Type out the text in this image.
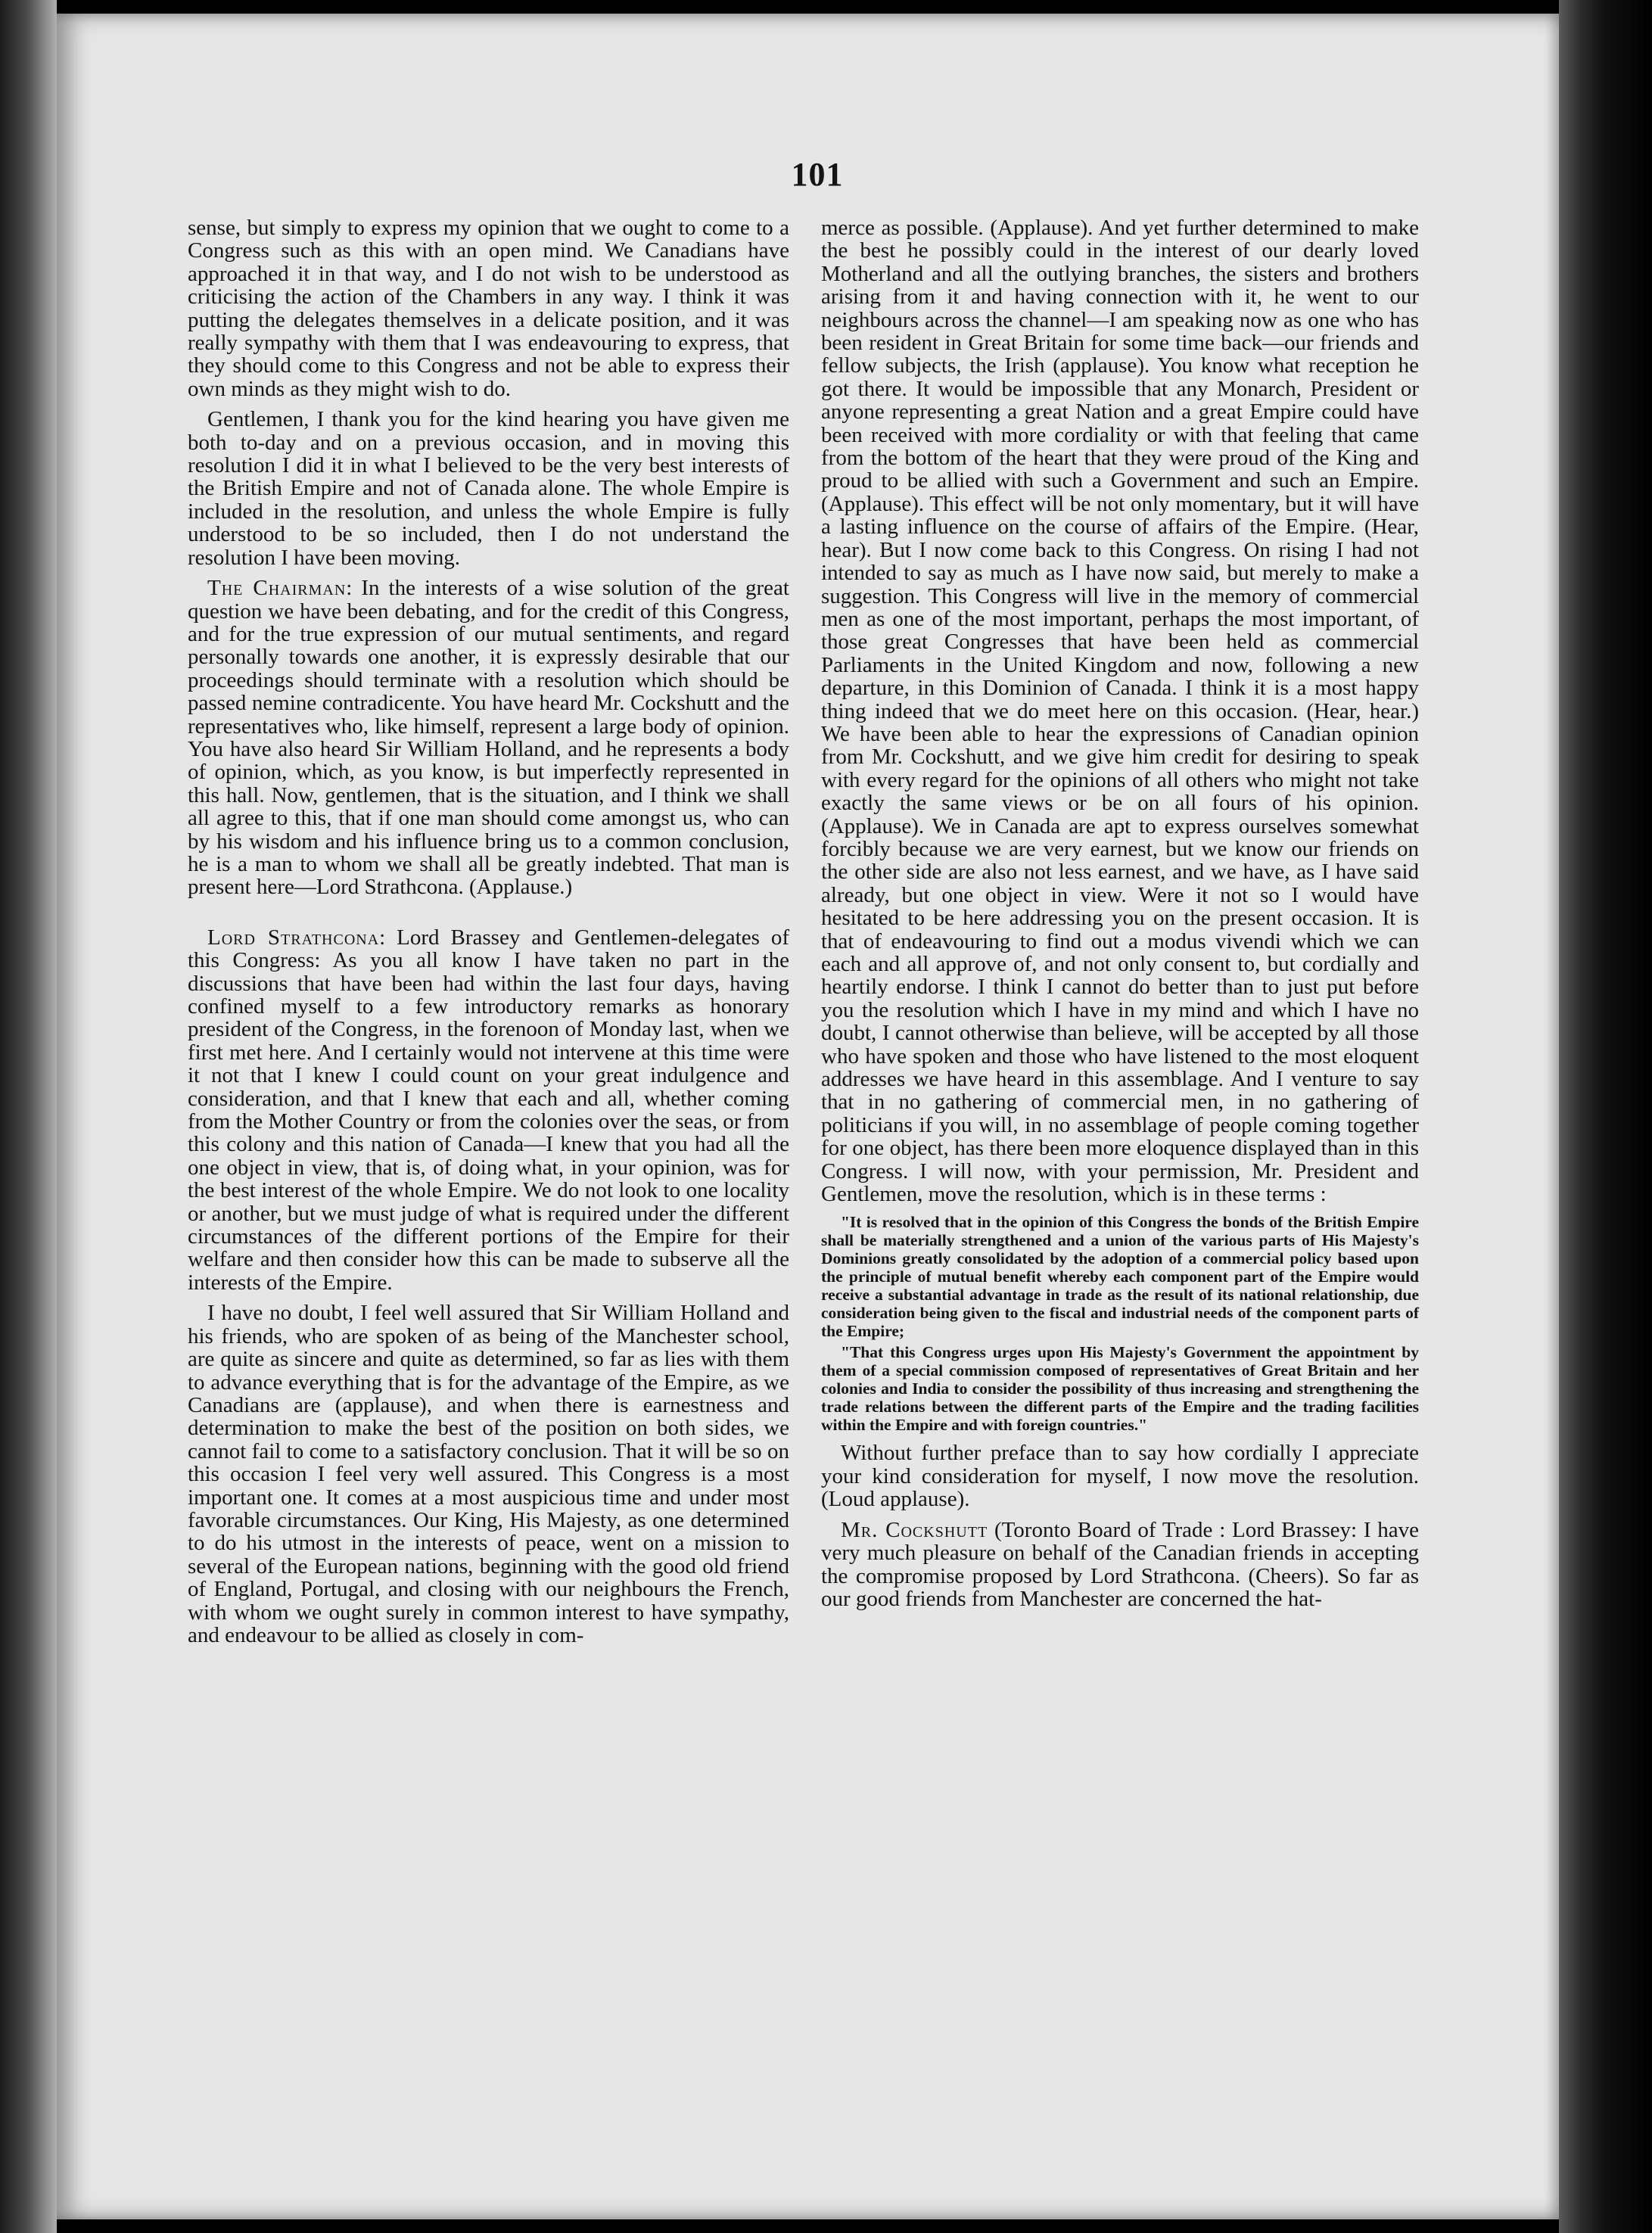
101

sense, but simply to express my opinion that we ought to come to a Congress such as this with an open mind. We Canadians have approached it in that way, and I do not wish to be understood as criticising the action of the Chambers in any way. I think it was putting the delegates themselves in a delicate position, and it was really sympathy with them that I was endeavouring to express, that they should come to this Congress and not be able to express their own minds as they might wish to do.

Gentlemen, I thank you for the kind hearing you have given me both to-day and on a previous occasion, and in moving this resolution I did it in what I believed to be the very best interests of the British Empire and not of Canada alone. The whole Empire is included in the resolution, and unless the whole Empire is fully understood to be so included, then I do not understand the resolution I have been moving.

The Chairman: In the interests of a wise solution of the great question we have been debating, and for the credit of this Congress, and for the true expression of our mutual sentiments, and regard personally towards one another, it is expressly desirable that our proceedings should terminate with a resolution which should be passed nemine contradicente. You have heard Mr. Cockshutt and the representatives who, like himself, represent a large body of opinion. You have also heard Sir William Holland, and he represents a body of opinion, which, as you know, is but imperfectly represented in this hall. Now, gentlemen, that is the situation, and I think we shall all agree to this, that if one man should come amongst us, who can by his wisdom and his influence bring us to a common conclusion, he is a man to whom we shall all be greatly indebted. That man is present here—Lord Strathcona. (Applause.)

Lord Strathcona: Lord Brassey and Gentlemen-delegates of this Congress: As you all know I have taken no part in the discussions that have been had within the last four days, having confined myself to a few introductory remarks as honorary president of the Congress, in the forenoon of Monday last, when we first met here. And I certainly would not intervene at this time were it not that I knew I could count on your great indulgence and consideration, and that I knew that each and all, whether coming from the Mother Country or from the colonies over the seas, or from this colony and this nation of Canada—I knew that you had all the one object in view, that is, of doing what, in your opinion, was for the best interest of the whole Empire. We do not look to one locality or another, but we must judge of what is required under the different circumstances of the different portions of the Empire for their welfare and then consider how this can be made to subserve all the interests of the Empire.

I have no doubt, I feel well assured that Sir William Holland and his friends, who are spoken of as being of the Manchester school, are quite as sincere and quite as determined, so far as lies with them to advance everything that is for the advantage of the Empire, as we Canadians are (applause), and when there is earnestness and determination to make the best of the position on both sides, we cannot fail to come to a satisfactory conclusion. That it will be so on this occasion I feel very well assured. This Congress is a most important one. It comes at a most auspicious time and under most favorable circumstances. Our King, His Majesty, as one determined to do his utmost in the interests of peace, went on a mission to several of the European nations, beginning with the good old friend of England, Portugal, and closing with our neighbours the French, with whom we ought surely in common interest to have sympathy, and endeavour to be allied as closely in com-

merce as possible. (Applause). And yet further determined to make the best he possibly could in the interest of our dearly loved Motherland and all the outlying branches, the sisters and brothers arising from it and having connection with it, he went to our neighbours across the channel—I am speaking now as one who has been resident in Great Britain for some time back—our friends and fellow subjects, the Irish (applause). You know what reception he got there. It would be impossible that any Monarch, President or anyone representing a great Nation and a great Empire could have been received with more cordiality or with that feeling that came from the bottom of the heart that they were proud of the King and proud to be allied with such a Government and such an Empire. (Applause). This effect will be not only momentary, but it will have a lasting influence on the course of affairs of the Empire. (Hear, hear). But I now come back to this Congress. On rising I had not intended to say as much as I have now said, but merely to make a suggestion. This Congress will live in the memory of commercial men as one of the most important, perhaps the most important, of those great Congresses that have been held as commercial Parliaments in the United Kingdom and now, following a new departure, in this Dominion of Canada. I think it is a most happy thing indeed that we do meet here on this occasion. (Hear, hear.) We have been able to hear the expressions of Canadian opinion from Mr. Cockshutt, and we give him credit for desiring to speak with every regard for the opinions of all others who might not take exactly the same views or be on all fours of his opinion. (Applause). We in Canada are apt to express ourselves somewhat forcibly because we are very earnest, but we know our friends on the other side are also not less earnest, and we have, as I have said already, but one object in view. Were it not so I would have hesitated to be here addressing you on the present occasion. It is that of endeavouring to find out a modus vivendi which we can each and all approve of, and not only consent to, but cordially and heartily endorse. I think I cannot do better than to just put before you the resolution which I have in my mind and which I have no doubt, I cannot otherwise than believe, will be accepted by all those who have spoken and those who have listened to the most eloquent addresses we have heard in this assemblage. And I venture to say that in no gathering of commercial men, in no gathering of politicians if you will, in no assemblage of people coming together for one object, has there been more eloquence displayed than in this Congress. I will now, with your permission, Mr. President and Gentlemen, move the resolution, which is in these terms :

"It is resolved that in the opinion of this Congress the bonds of the British Empire shall be materially strengthened and a union of the various parts of His Majesty's Dominions greatly consolidated by the adoption of a commercial policy based upon the principle of mutual benefit whereby each component part of the Empire would receive a substantial advantage in trade as the result of its national relationship, due consideration being given to the fiscal and industrial needs of the component parts of the Empire;

"That this Congress urges upon His Majesty's Government the appointment by them of a special commission composed of representatives of Great Britain and her colonies and India to consider the possibility of thus increasing and strengthening the trade relations between the different parts of the Empire and the trading facilities within the Empire and with foreign countries."

Without further preface than to say how cordially I appreciate your kind consideration for myself, I now move the resolution. (Loud applause).

Mr. Cockshutt (Toronto Board of Trade : Lord Brassey: I have very much pleasure on behalf of the Canadian friends in accepting the compromise proposed by Lord Strathcona. (Cheers). So far as our good friends from Manchester are concerned the hat-
